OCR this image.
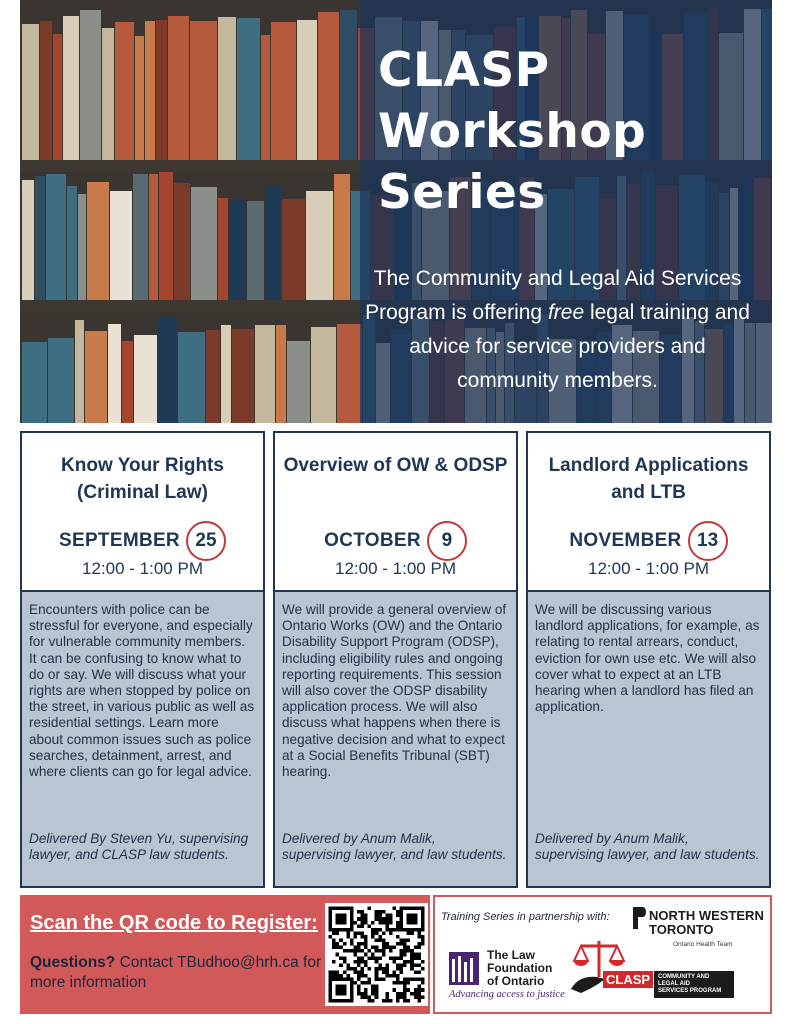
CLASP
Workshop
Series

The Community and Legal Aid Services Program is offering free legal training and advice for service providers and community members.

Know Your Rights (Criminal Law)
SEPTEMBER 25
12:00 - 1:00 PM

Encounters with police can be stressful for everyone, and especially for vulnerable community members. It can be confusing to know what to do or say. We will discuss what your rights are when stopped by police on the street, in various public as well as residential settings. Learn more about common issues such as police searches, detainment, arrest, and where clients can go for legal advice.

Delivered By Steven Yu, supervising lawyer, and CLASP law students.

Overview of OW & ODSP
OCTOBER	9
12:00 - 1:00 PM

We will provide a general overview of Ontario Works (OW) and the Ontario Disability Support Program (ODSP), including eligibility rules and ongoing reporting requirements. This session will also cover the ODSP disability application process. We will also discuss what happens when there is negative decision and what to expect at a Social Benefits Tribunal (SBT) hearing.

Delivered by Anum Malik, supervising lawyer, and law students.

Landlord Applications and LTB
NOVEMBER 13
12:00 - 1:00 PM

We will be discussing various landlord applications, for example, as relating to rental arrears, conduct, eviction for own use etc. We will also cover what to expect at an LTB hearing when a landlord has filed an application.

Delivered by Anum Malik, supervising lawyer, and law students.

Scan the QR code to Register:

Questions? Contact TBudhoo@hrh.ca for more information

Training Series in partnership with:	NORTH WESTERN
TORONTO

Ontario Health Team

The Law
Foundation
of Ontario

Advancing access to justice

CLASP	COMMUNITY AND LEGAL AID
SERVICES PROGRAM
